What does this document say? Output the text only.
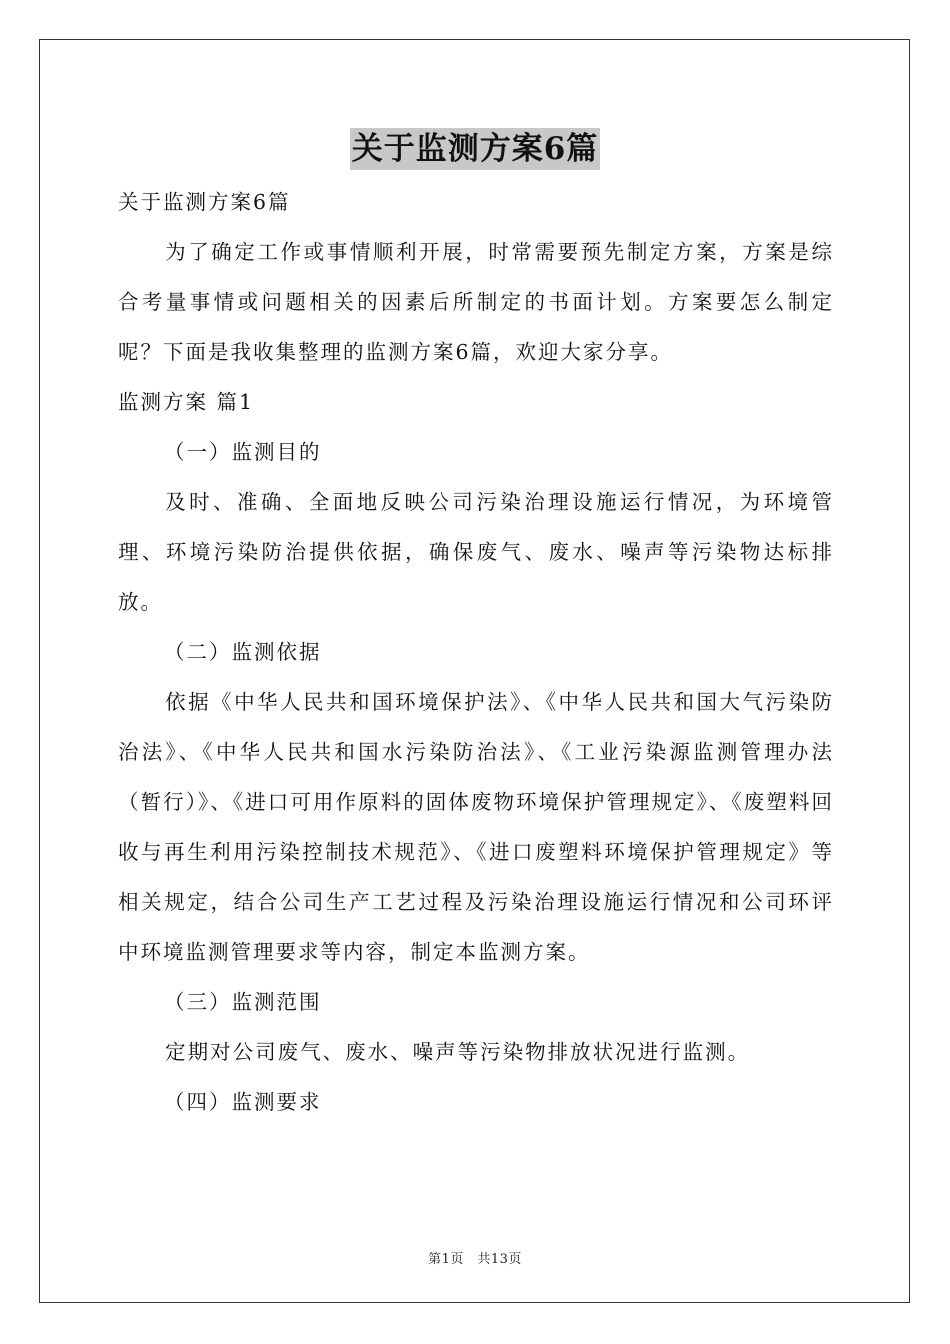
关于监测方案6篇

关于监测方案6篇

为了确定工作或事情顺利开展，时常需要预先制定方案，方案是综合考量事情或问题相关的因素后所制定的书面计划。方案要怎么制定呢？下面是我收集整理的监测方案6篇，欢迎大家分享。

监测方案 篇1

（一）监测目的

及时、准确、全面地反映公司污染治理设施运行情况，为环境管理、环境污染防治提供依据，确保废气、废水、噪声等污染物达标排放。

（二）监测依据

依据《中华人民共和国环境保护法》、《中华人民共和国大气污染防治法》、《中华人民共和国水污染防治法》、《工业污染源监测管理办法（暂行）》、《进口可用作原料的固体废物环境保护管理规定》、《废塑料回收与再生利用污染控制技术规范》、《进口废塑料环境保护管理规定》等相关规定，结合公司生产工艺过程及污染治理设施运行情况和公司环评中环境监测管理要求等内容，制定本监测方案。

（三）监测范围

定期对公司废气、废水、噪声等污染物排放状况进行监测。

（四）监测要求

第1页　共13页
